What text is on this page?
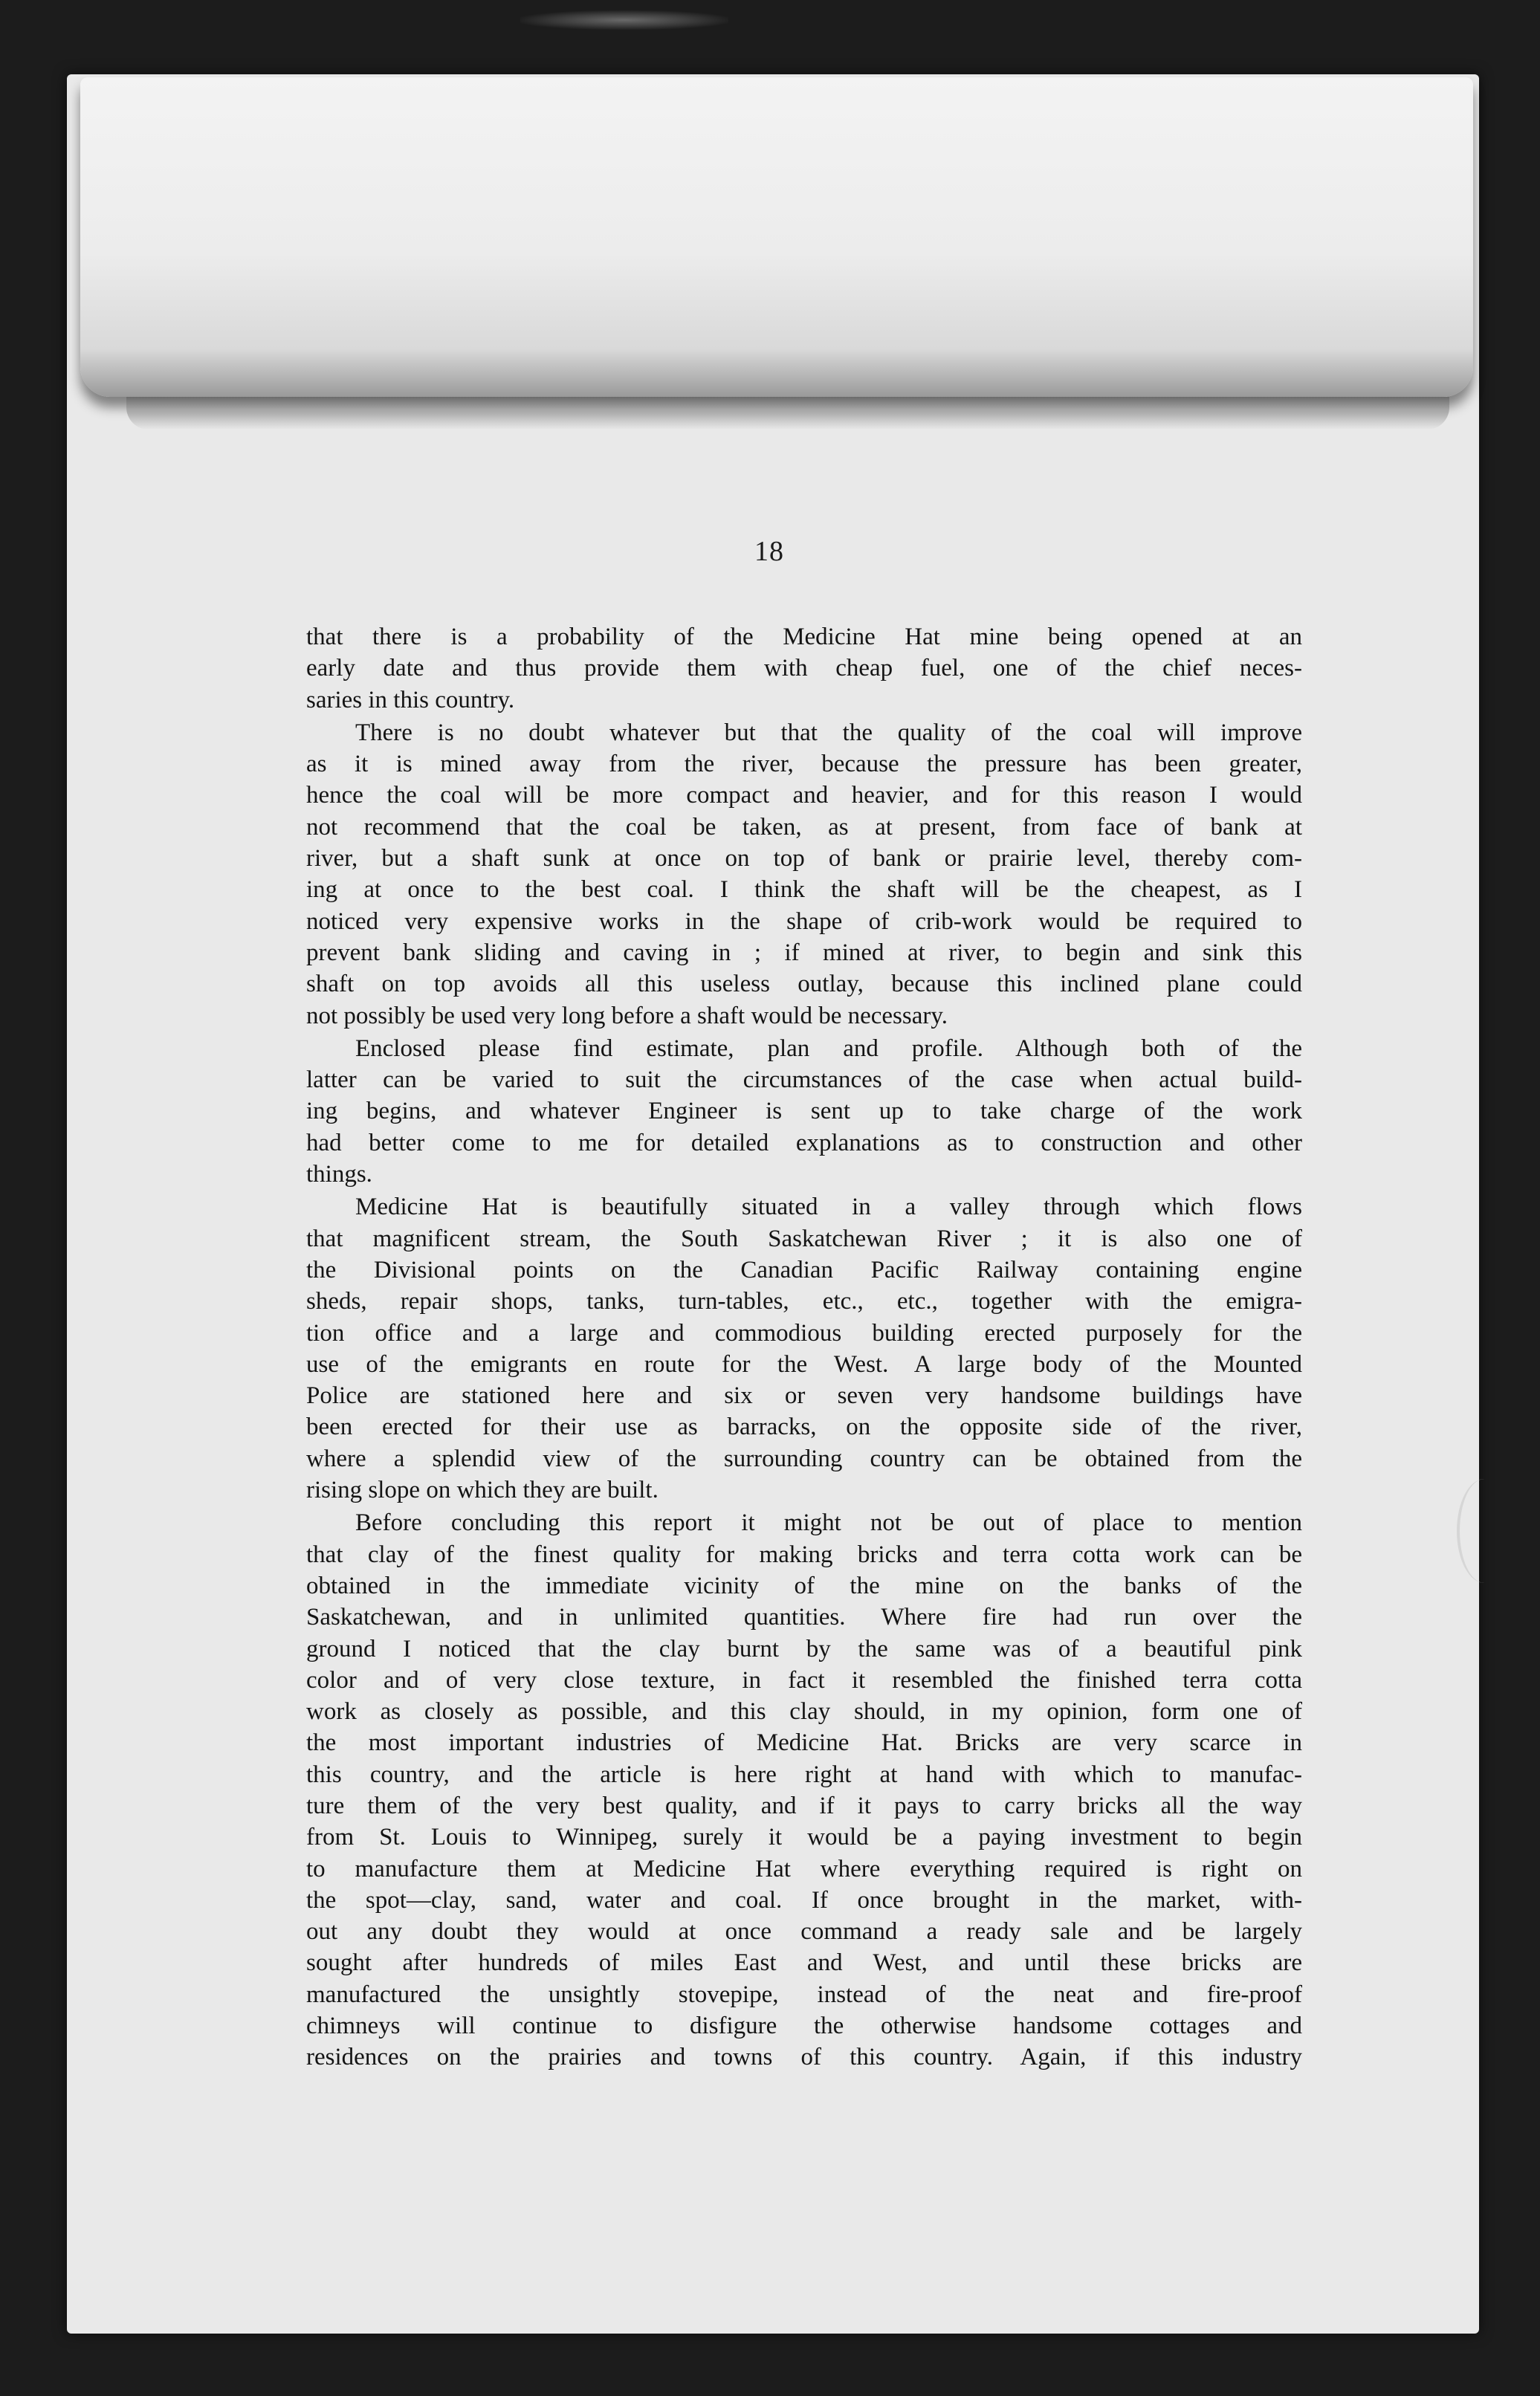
18
that there is a probability of the Medicine Hat mine being opened at an
early date and thus provide them with cheap fuel, one of the chief neces-
saries in this country.
There is no doubt whatever but that the quality of the coal will improve
as it is mined away from the river, because the pressure has been greater,
hence the coal will be more compact and heavier, and for this reason I would
not recommend that the coal be taken, as at present, from face of bank at
river, but a shaft sunk at once on top of bank or prairie level, thereby com-
ing at once to the best coal. I think the shaft will be the cheapest, as I
noticed very expensive works in the shape of crib-work would be required to
prevent bank sliding and caving in ; if mined at river, to begin and sink this
shaft on top avoids all this useless outlay, because this inclined plane could
not possibly be used very long before a shaft would be necessary.
Enclosed please find estimate, plan and profile. Although both of the
latter can be varied to suit the circumstances of the case when actual build-
ing begins, and whatever Engineer is sent up to take charge of the work
had better come to me for detailed explanations as to construction and other
things.
Medicine Hat is beautifully situated in a valley through which flows
that magnificent stream, the South Saskatchewan River ; it is also one of
the Divisional points on the Canadian Pacific Railway containing engine
sheds, repair shops, tanks, turn-tables, etc., etc., together with the emigra-
tion office and a large and commodious building erected purposely for the
use of the emigrants en route for the West. A large body of the Mounted
Police are stationed here and six or seven very handsome buildings have
been erected for their use as barracks, on the opposite side of the river,
where a splendid view of the surrounding country can be obtained from the
rising slope on which they are built.
Before concluding this report it might not be out of place to mention
that clay of the finest quality for making bricks and terra cotta work can be
obtained in the immediate vicinity of the mine on the banks of the
Saskatchewan, and in unlimited quantities. Where fire had run over the
ground I noticed that the clay burnt by the same was of a beautiful pink
color and of very close texture, in fact it resembled the finished terra cotta
work as closely as possible, and this clay should, in my opinion, form one of
the most important industries of Medicine Hat. Bricks are very scarce in
this country, and the article is here right at hand with which to manufac-
ture them of the very best quality, and if it pays to carry bricks all the way
from St. Louis to Winnipeg, surely it would be a paying investment to begin
to manufacture them at Medicine Hat where everything required is right on
the spot—clay, sand, water and coal. If once brought in the market, with-
out any doubt they would at once command a ready sale and be largely
sought after hundreds of miles East and West, and until these bricks are
manufactured the unsightly stovepipe, instead of the neat and fire-proof
chimneys will continue to disfigure the otherwise handsome cottages and
residences on the prairies and towns of this country. Again, if this industry
